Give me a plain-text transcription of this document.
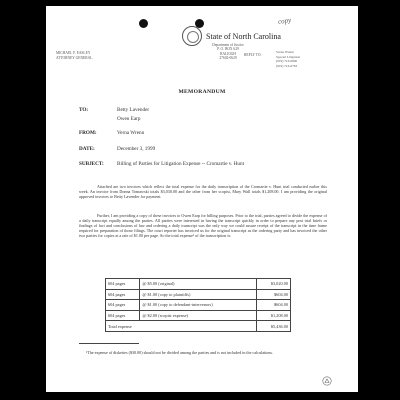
copy
State of North Carolina
Department of Justice
P. O. BOX 629
RALEIGH
27602-0629
MICHAEL F. EASLEY
ATTORNEY GENERAL
REPLY TO:
Verna Wrenn
Special Litigation
(919) 716-6900
(919) 716-6763
MEMORANDUM
TO:	Betty Lavender
Owen Earp
FROM:	Verna Wrenn
DATE:	December 3, 1999
SUBJECT:	Billing of Parties for Litigation Expense -- Cromartie v. Hunt

Attached are two invoices which reflect the total expense for the daily transcription of the Cromartie v. Hunt trial conducted earlier this week. An invoice from Donna Tomawski totals $3,030.00 and the other from her scopist, Mary Wall totals $1,208.00. I am providing the original approved invoices to Betty Lavender for payment.

Further, I am providing a copy of these invoices to Owen Earp for billing purposes. Prior to the trial, parties agreed to divide the expense of a daily transcript equally among the parties. All parties were interested in having the transcript quickly in order to prepare any post trial briefs or findings of fact and conclusions of law and ordering a daily transcript was the only way we could assure receipt of the transcript in the time frame required for preparation of those filings. The court reporter has invoiced us for the original transcript as the ordering party and has invoiced the other two parties for copies at a rate of $1.00 per page. So the total expense¹ of the transcription is:

604 pages	@ $5.00 (original)	$3,020.00
604 pages	@ $1.00 (copy to plaintiffs)	$604.00
604 pages	@ $1.00 (copy to defendant-intervenors)	$604.00
604 pages	@ $2.00 (scopist expense)	$1,208.00
Total expense		$5,436.00
¹The expense of diskettes ($30.00) should not be divided among the parties and is not included in the calculations.
